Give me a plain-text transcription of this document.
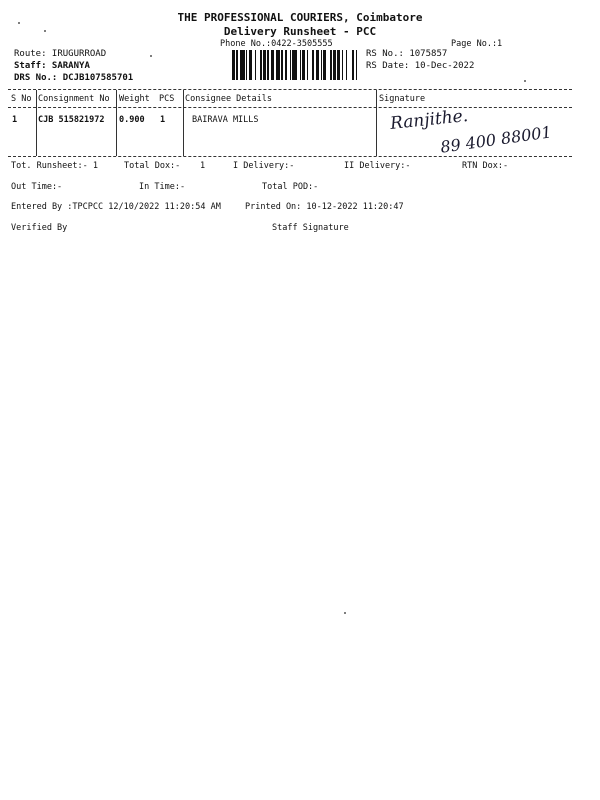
THE PROFESSIONAL COURIERS, Coimbatore
Delivery Runsheet - PCC
Phone No.:0422-3505555	Page No.:1
Route: IRUGURROAD
Staff: SARANYA
DRS No.: DCJB107585701
RS No.: 1075857
RS Date: 10-Dec-2022
S No Consignment No Weight PCS Consignee Details	Signature
1 CJB 515821972 0.900 1	BAIRAVA MILLS	Ranjithe.
89 400 88001
Tot. Runsheet:- 1	Total Dox:- 1	I Delivery:-	II Delivery:-	RTN Dox:-
Out Time:-	In Time:-	Total POD:-
Entered By :TPCPCC 12/10/2022 11:20:54 AM	Printed On: 10-12-2022 11:20:47
Verified By	Staff Signature
